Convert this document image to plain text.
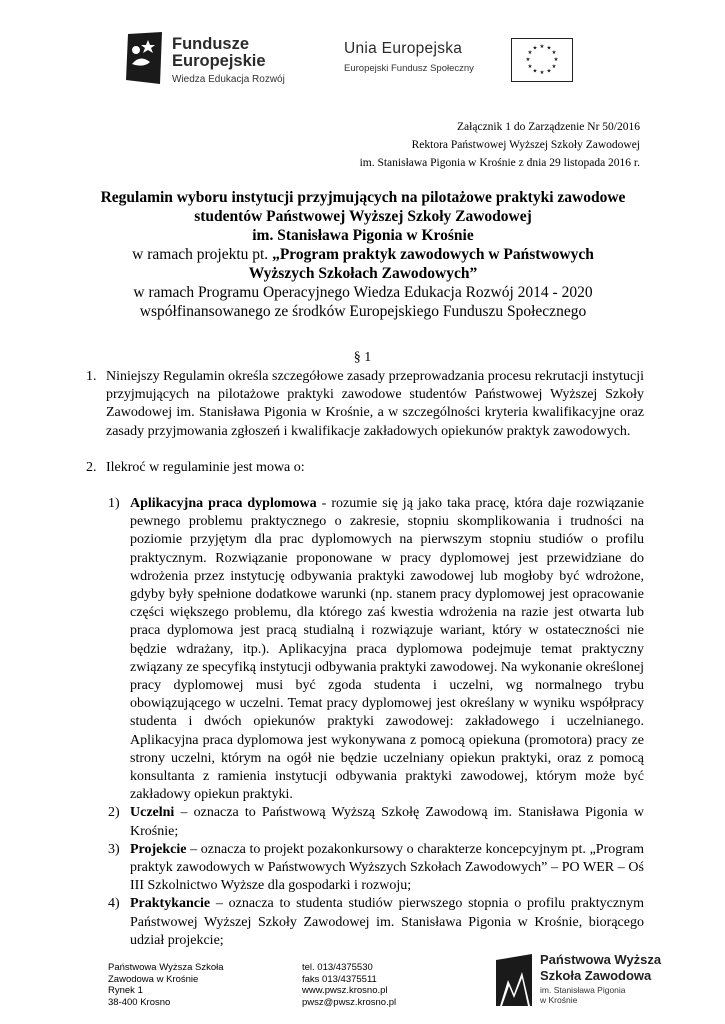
Fundusze
Europejskie
Wiedza Edukacja Rozwój
Unia Europejska
Europejski Fundusz Społeczny
★ ★
★
★
★
★
★
★
★
★
★
★
Załącznik 1 do Zarządzenie Nr 50/2016
Rektora Państwowej Wyższej Szkoły Zawodowej
im. Stanisława Pigonia w Krośnie z dnia 29 listopada 2016 r.
Regulamin wyboru instytucji przyjmujących na pilotażowe praktyki zawodowe
studentów Państwowej Wyższej Szkoły Zawodowej
im. Stanisława Pigonia w Krośnie
w ramach projektu pt. „Program praktyk zawodowych w Państwowych
Wyższych Szkołach Zawodowych”
w ramach Programu Operacyjnego Wiedza Edukacja Rozwój 2014 - 2020
współfinansowanego ze środków Europejskiego Funduszu Społecznego
§ 1
1. Niniejszy Regulamin określa szczegółowe zasady przeprowadzania procesu rekrutacji instytucji przyjmujących na pilotażowe praktyki zawodowe studentów Państwowej Wyższej Szkoły Zawodowej im. Stanisława Pigonia w Krośnie, a w szczególności kryteria kwalifikacyjne oraz zasady przyjmowania zgłoszeń i kwalifikacje zakładowych opiekunów praktyk zawodowych.
2. Ilekroć w regulaminie jest mowa o:
1) Aplikacyjna praca dyplomowa - rozumie się ją jako taka pracę, która daje rozwiązanie pewnego problemu praktycznego o zakresie, stopniu skomplikowania i trudności na poziomie przyjętym dla prac dyplomowych na pierwszym stopniu studiów o profilu praktycznym. Rozwiązanie proponowane w pracy dyplomowej jest przewidziane do wdrożenia przez instytucję odbywania praktyki zawodowej lub mogłoby być wdrożone, gdyby były spełnione dodatkowe warunki (np. stanem pracy dyplomowej jest opracowanie części większego problemu, dla którego zaś kwestia wdrożenia na razie jest otwarta lub praca dyplomowa jest pracą studialną i rozwiązuje wariant, który w ostateczności nie będzie wdrażany, itp.). Aplikacyjna praca dyplomowa podejmuje temat praktyczny związany ze specyfiką instytucji odbywania praktyki zawodowej. Na wykonanie określonej pracy dyplomowej musi być zgoda studenta i uczelni, wg normalnego trybu obowiązującego w uczelni. Temat pracy dyplomowej jest określany w wyniku współpracy studenta i dwóch opiekunów praktyki zawodowej: zakładowego i uczelnianego. Aplikacyjna praca dyplomowa jest wykonywana z pomocą opiekuna (promotora) pracy ze strony uczelni, którym na ogół nie będzie uczelniany opiekun praktyki, oraz z pomocą konsultanta z ramienia instytucji odbywania praktyki zawodowej, którym może być zakładowy opiekun praktyki.
2) Uczelni – oznacza to Państwową Wyższą Szkołę Zawodową im. Stanisława Pigonia w Krośnie;
3) Projekcie – oznacza to projekt pozakonkursowy o charakterze koncepcyjnym pt. „Program praktyk zawodowych w Państwowych Wyższych Szkołach Zawodowych” – PO WER – Oś III Szkolnictwo Wyższe dla gospodarki i rozwoju;
4) Praktykancie – oznacza to studenta studiów pierwszego stopnia o profilu praktycznym Państwowej Wyższej Szkoły Zawodowej im. Stanisława Pigonia w Krośnie, biorącego udział projekcie;
Państwowa Wyższa Szkoła
Zawodowa w Krośnie
Rynek 1
38-400 Krosno
tel. 013/4375530
faks 013/4375511
www.pwsz.krosno.pl
pwsz@pwsz.krosno.pl
Państwowa Wyższa
Szkoła Zawodowa
im. Stanisława Pigonia
w Krośnie
